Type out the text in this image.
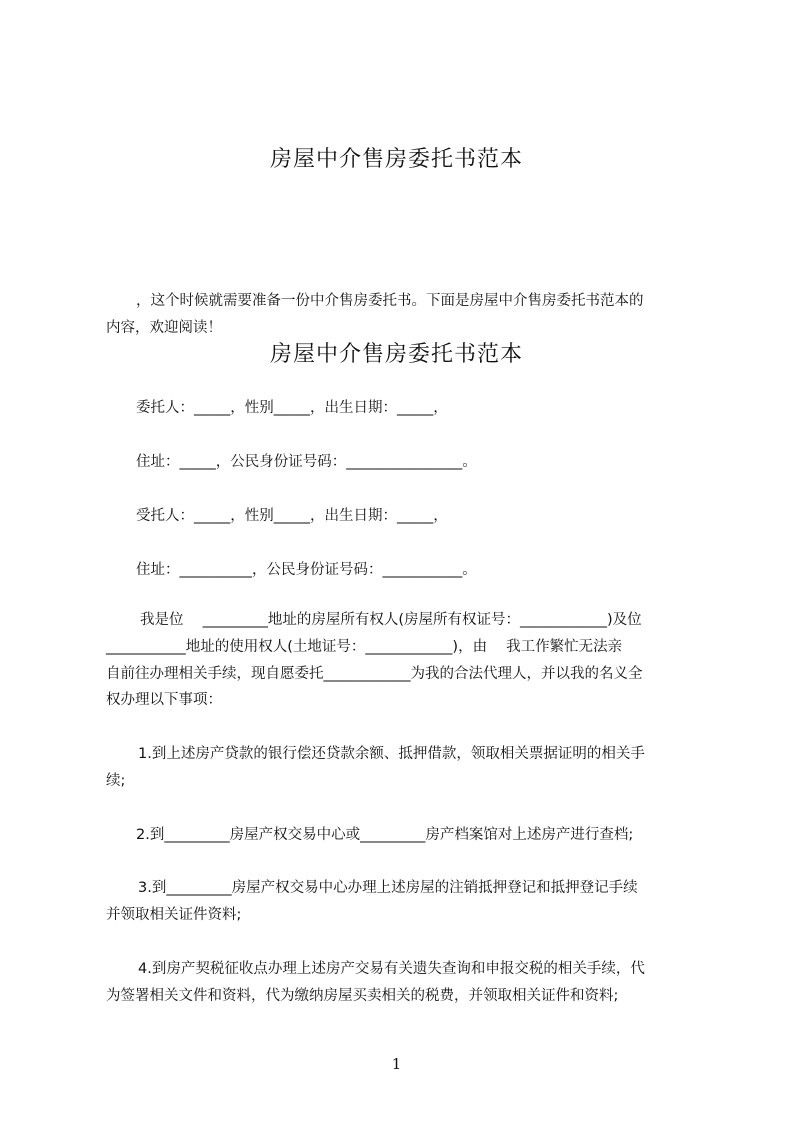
房屋中介售房委托书范本

，这个时候就需要准备一份中介售房委托书。下面是房屋中介售房委托书范本的

内容，欢迎阅读！

房屋中介售房委托书范本

委托人：_____，性别_____，出生日期：_____，

住址：_____，公民身份证号码：________________。

受托人：_____，性别_____，出生日期：_____，

住址：__________，公民身份证号码：___________。

我是位　 _________地址的房屋所有权人(房屋所有权证号：____________)及位

___________地址的使用权人(土地证号：____________)，由　 我工作繁忙无法亲

自前往办理相关手续，现自愿委托____________为我的合法代理人，并以我的名义全

权办理以下事项：

1.到上述房产贷款的银行偿还贷款余额、抵押借款，领取相关票据证明的相关手

续;

2.到_________房屋产权交易中心或_________房产档案馆对上述房产进行查档;

3.到_________房屋产权交易中心办理上述房屋的注销抵押登记和抵押登记手续

并领取相关证件资料;

4.到房产契税征收点办理上述房产交易有关遗失查询和申报交税的相关手续，代

为签署相关文件和资料，代为缴纳房屋买卖相关的税费，并领取相关证件和资料;

1
